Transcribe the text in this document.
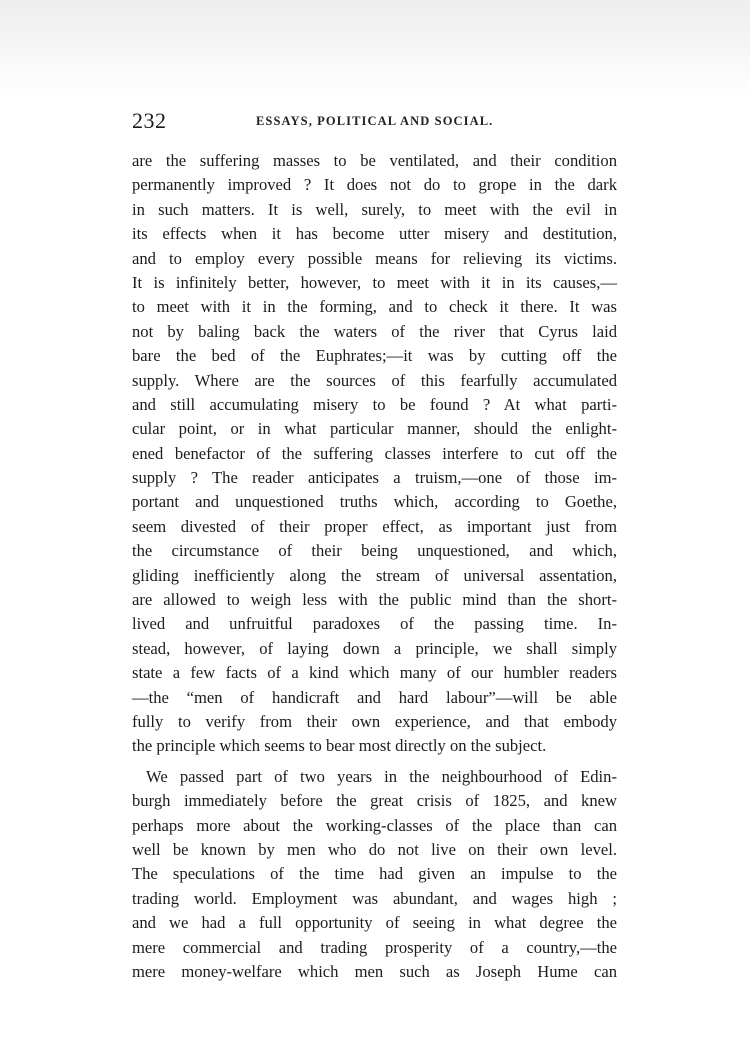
232	ESSAYS, POLITICAL AND SOCIAL.
are the suffering masses to be ventilated, and their condition
permanently improved ? It does not do to grope in the dark
in such matters. It is well, surely, to meet with the evil in
its effects when it has become utter misery and destitution,
and to employ every possible means for relieving its victims.
It is infinitely better, however, to meet with it in its causes,—
to meet with it in the forming, and to check it there. It was
not by baling back the waters of the river that Cyrus laid
bare the bed of the Euphrates;—it was by cutting off the
supply. Where are the sources of this fearfully accumulated
and still accumulating misery to be found ? At what parti-
cular point, or in what particular manner, should the enlight-
ened benefactor of the suffering classes interfere to cut off the
supply ? The reader anticipates a truism,—one of those im-
portant and unquestioned truths which, according to Goethe,
seem divested of their proper effect, as important just from
the circumstance of their being unquestioned, and which,
gliding inefficiently along the stream of universal assentation,
are allowed to weigh less with the public mind than the short-
lived and unfruitful paradoxes of the passing time. In-
stead, however, of laying down a principle, we shall simply
state a few facts of a kind which many of our humbler readers
—the “men of handicraft and hard labour”—will be able
fully to verify from their own experience, and that embody
the principle which seems to bear most directly on the subject.
We passed part of two years in the neighbourhood of Edin-
burgh immediately before the great crisis of 1825, and knew
perhaps more about the working-classes of the place than can
well be known by men who do not live on their own level.
The speculations of the time had given an impulse to the
trading world. Employment was abundant, and wages high ;
and we had a full opportunity of seeing in what degree the
mere commercial and trading prosperity of a country,—the
mere money-welfare which men such as Joseph Hume can
